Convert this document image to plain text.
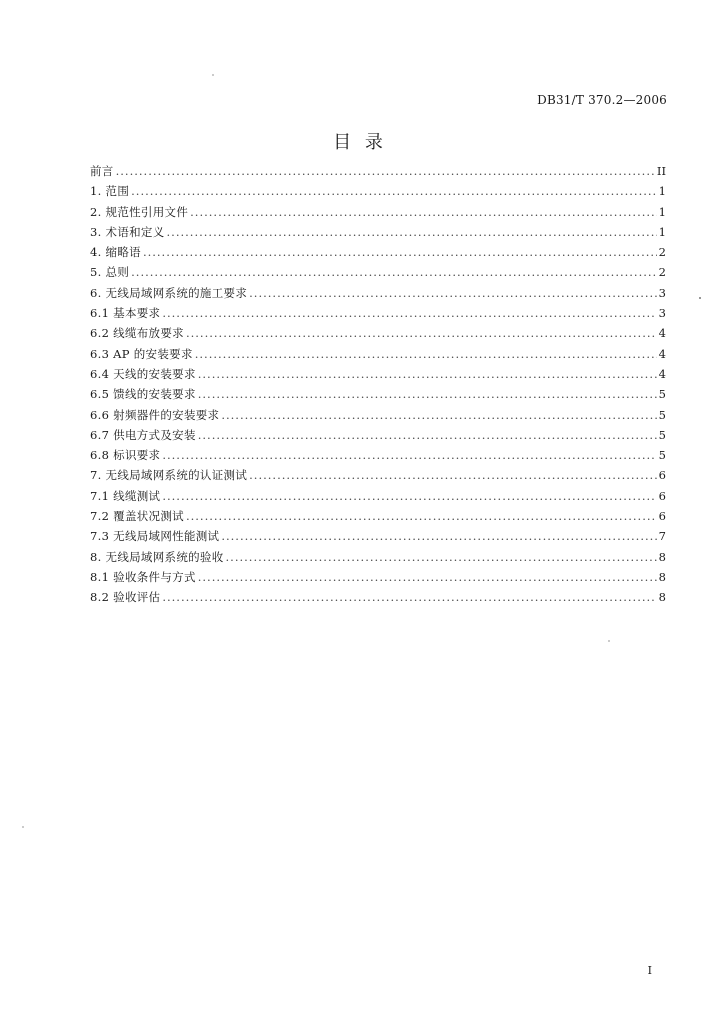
DB31/T 370.2—2006
目 录
前言 .....	II
1. 范围 .....	1
2. 规范性引用文件 .....	1
3. 术语和定义 .....	1
4. 缩略语 .....	2
5. 总则 .....	2
6. 无线局域网系统的施工要求 .....	3
6.1 基本要求 .....	3
6.2 线缆布放要求 .....	4
6.3 AP 的安装要求 .....	4
6.4 天线的安装要求 .....	4
6.5 馈线的安装要求 .....	5
6.6 射频器件的安装要求 .....	5
6.7 供电方式及安装 .....	5
6.8 标识要求 .....	5
7. 无线局域网系统的认证测试 .....	6
7.1 线缆测试 .....	6
7.2 覆盖状况测试 .....	6
7.3 无线局域网性能测试 .....	7
8. 无线局域网系统的验收 .....	8
8.1 验收条件与方式 .....	8
8.2 验收评估 .....	8
I
